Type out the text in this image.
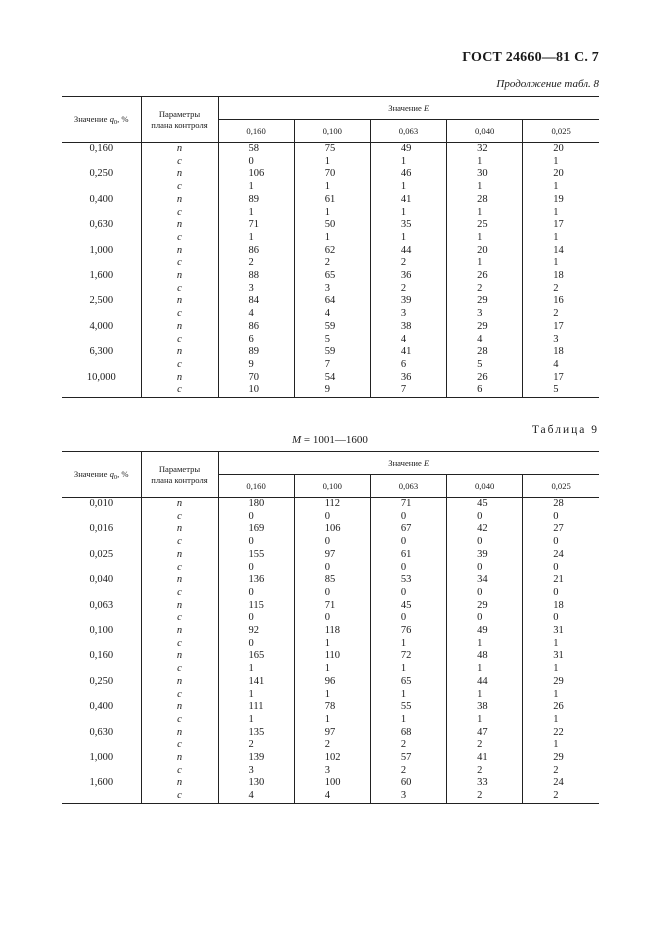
ГОСТ 24660—81 С. 7
Продолжение табл. 8
Значение $q_0$, %	Параметры
плана контроля	Значение E				
		0,160	0,100	0,063	0,040	0,025
0,160	n	58	75	49	32	20
	c	0	1	1	1	1
0,250	n	106	70	46	30	20
	c	1	1	1	1	1
0,400	n	89	61	41	28	19
	c	1	1	1	1	1
0,630	n	71	50	35	25	17
	c	1	1	1	1	1
1,000	n	86	62	44	20	14
	c	2	2	2	1	1
1,600	n	88	65	36	26	18
	c	3	3	2	2	2
2,500	n	84	64	39	29	16
	c	4	4	3	3	2
4,000	n	86	59	38	29	17
	c	6	5	4	4	3
6,300	n	89	59	41	28	18
	c	9	7	6	5	4
10,000	n	70	54	36	26	17
	c	10	9	7	6	5
Таблица 9
M = 1001—1600
Значение $q_0$, %	Параметры
плана контроля	Значение E				
		0,160	0,100	0,063	0,040	0,025
0,010	n	180	112	71	45	28
	c	0	0	0	0	0
0,016	n	169	106	67	42	27
	c	0	0	0	0	0
0,025	n	155	97	61	39	24
	c	0	0	0	0	0
0,040	n	136	85	53	34	21
	c	0	0	0	0	0
0,063	n	115	71	45	29	18
	c	0	0	0	0	0
0,100	n	92	118	76	49	31
	c	0	1	1	1	1
0,160	n	165	110	72	48	31
	c	1	1	1	1	1
0,250	n	141	96	65	44	29
	c	1	1	1	1	1
0,400	n	111	78	55	38	26
	c	1	1	1	1	1
0,630	n	135	97	68	47	22
	c	2	2	2	2	1
1,000	n	139	102	57	41	29
	c	3	3	2	2	2
1,600	n	130	100	60	33	24
	c	4	4	3	2	2
